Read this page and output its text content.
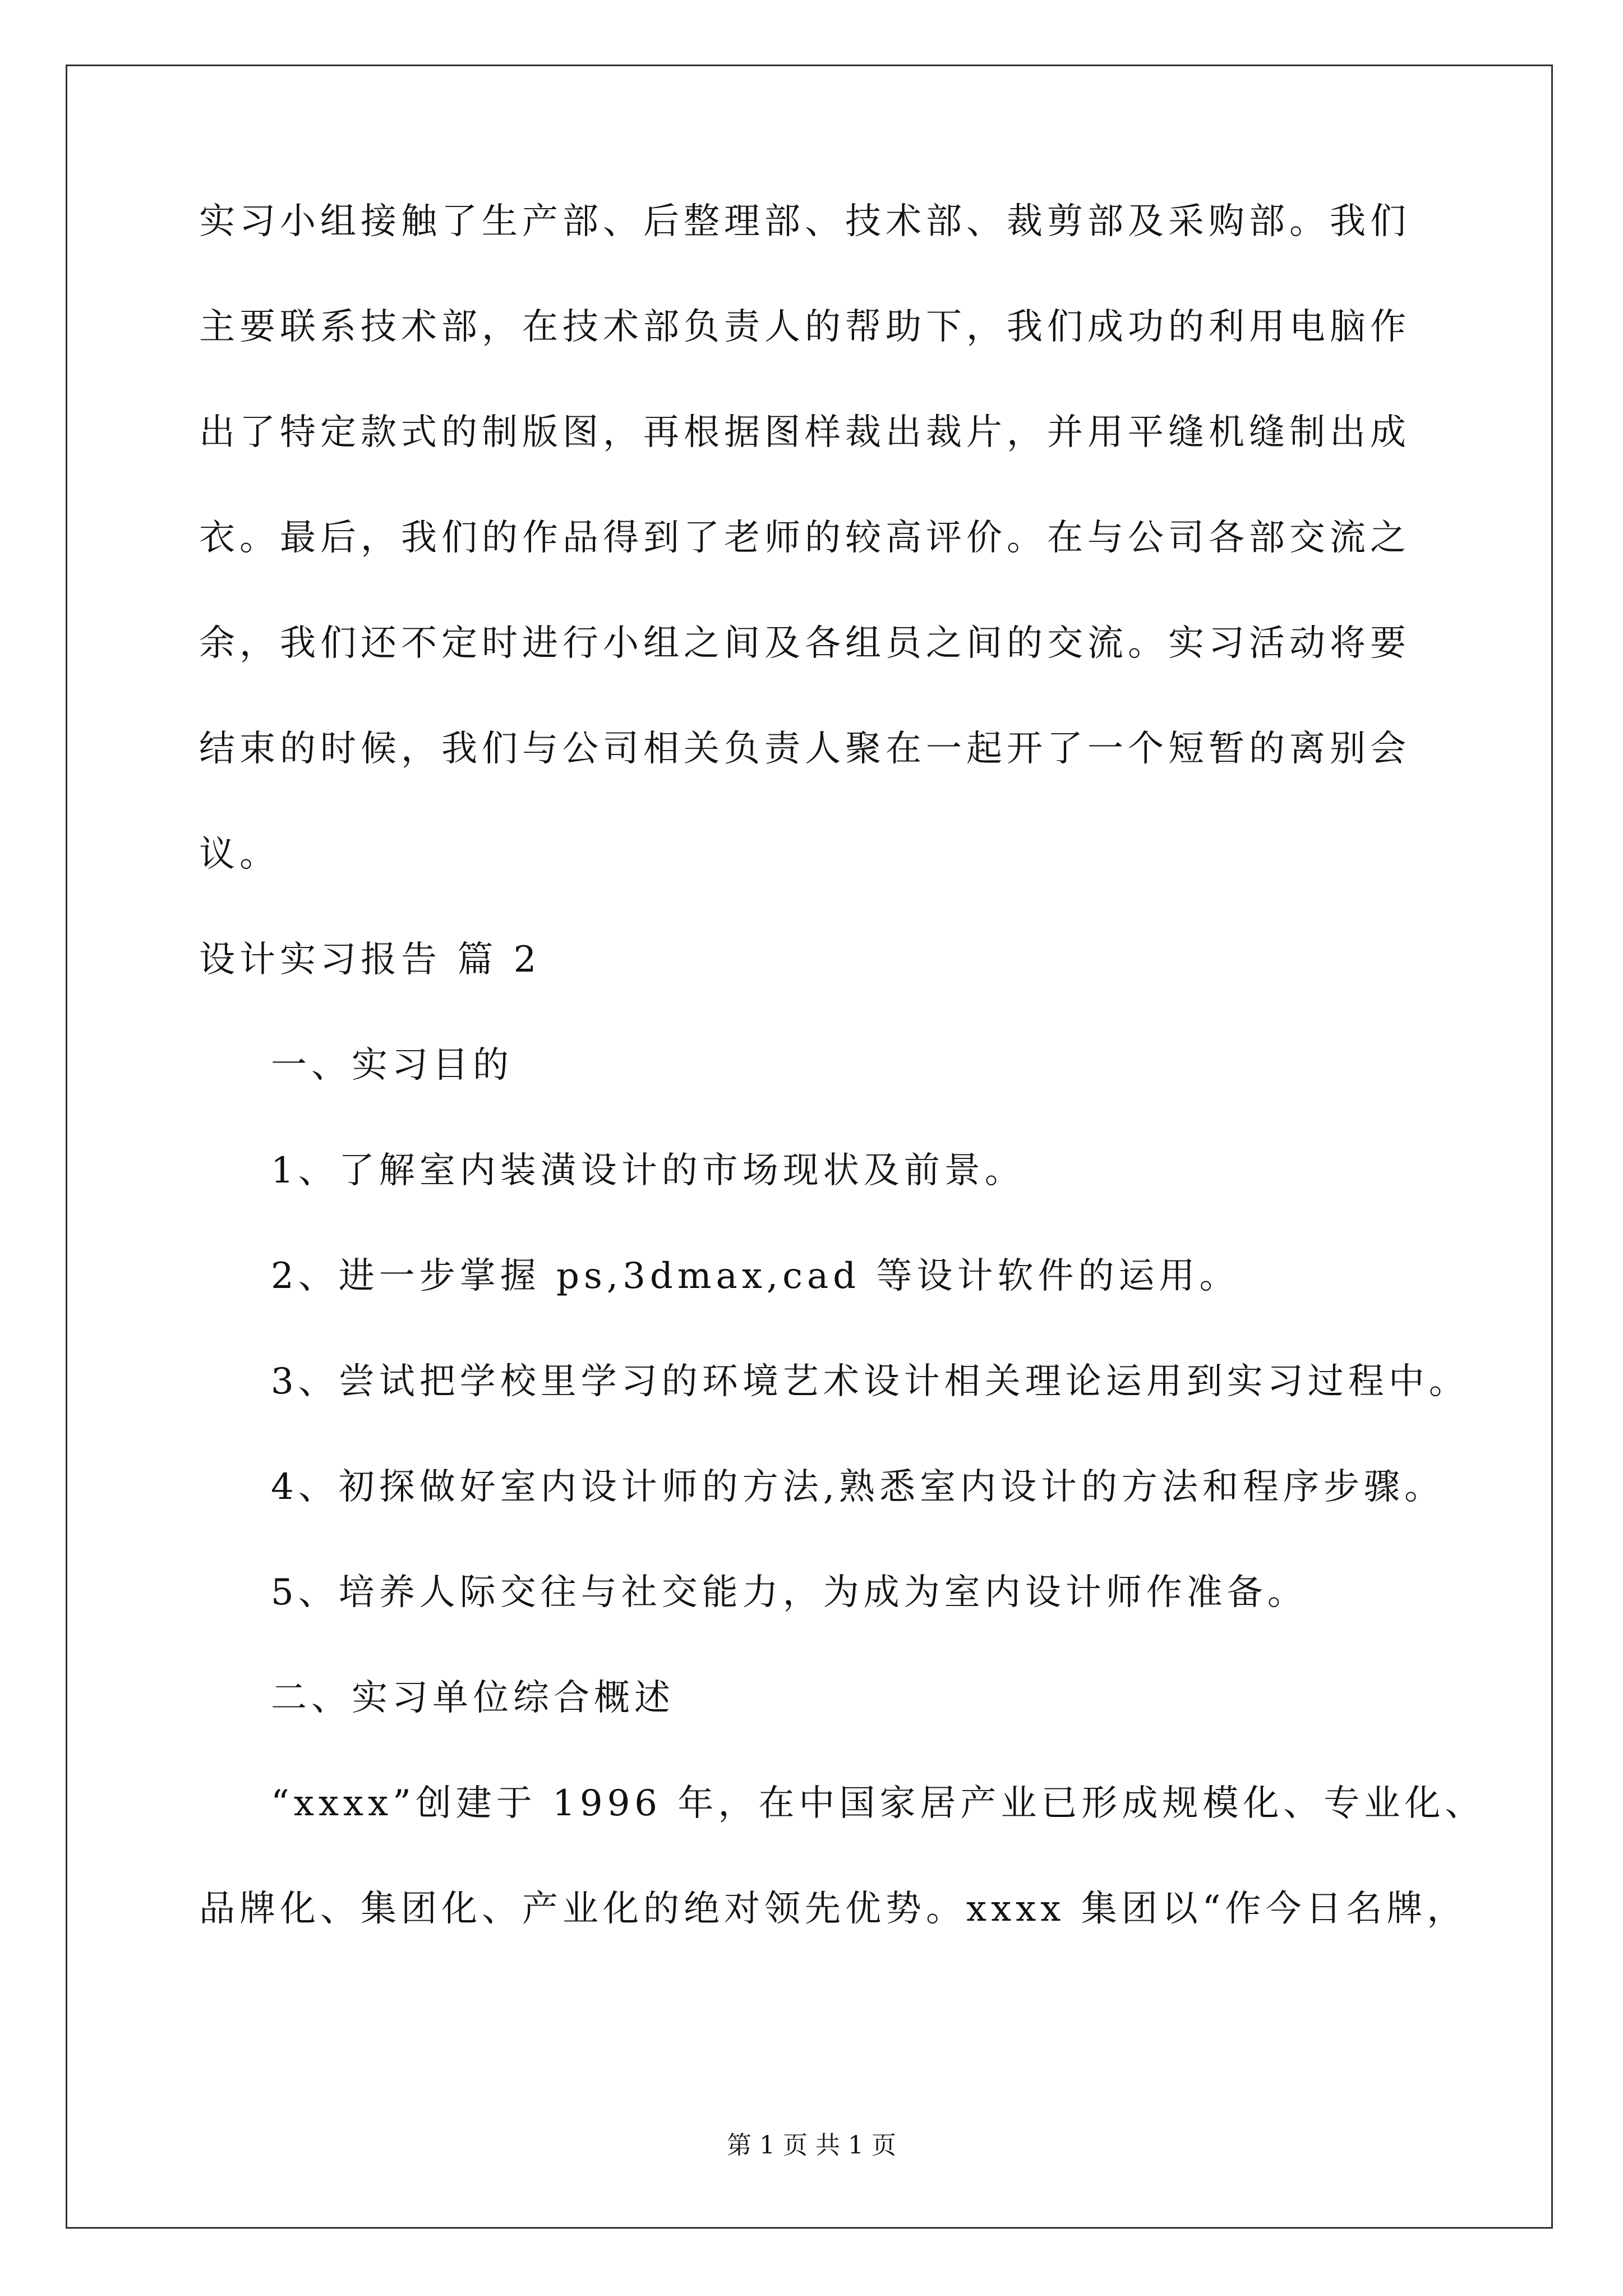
实习小组接触了生产部、后整理部、技术部、裁剪部及采购部。我们
主要联系技术部，在技术部负责人的帮助下，我们成功的利用电脑作
出了特定款式的制版图，再根据图样裁出裁片，并用平缝机缝制出成
衣。最后，我们的作品得到了老师的较高评价。在与公司各部交流之
余，我们还不定时进行小组之间及各组员之间的交流。实习活动将要
结束的时候，我们与公司相关负责人聚在一起开了一个短暂的离别会
议。
设计实习报告 篇 2
一、实习目的
1、了解室内装潢设计的市场现状及前景。
2、进一步掌握 ps,3dmax,cad 等设计软件的运用。
3、尝试把学校里学习的环境艺术设计相关理论运用到实习过程中。
4、初探做好室内设计师的方法,熟悉室内设计的方法和程序步骤。
5、培养人际交往与社交能力，为成为室内设计师作准备。
二、实习单位综合概述
“xxxx”创建于 1996 年，在中国家居产业已形成规模化、专业化、
品牌化、集团化、产业化的绝对领先优势。xxxx 集团以“作今日名牌，
第 1 页 共 1 页
